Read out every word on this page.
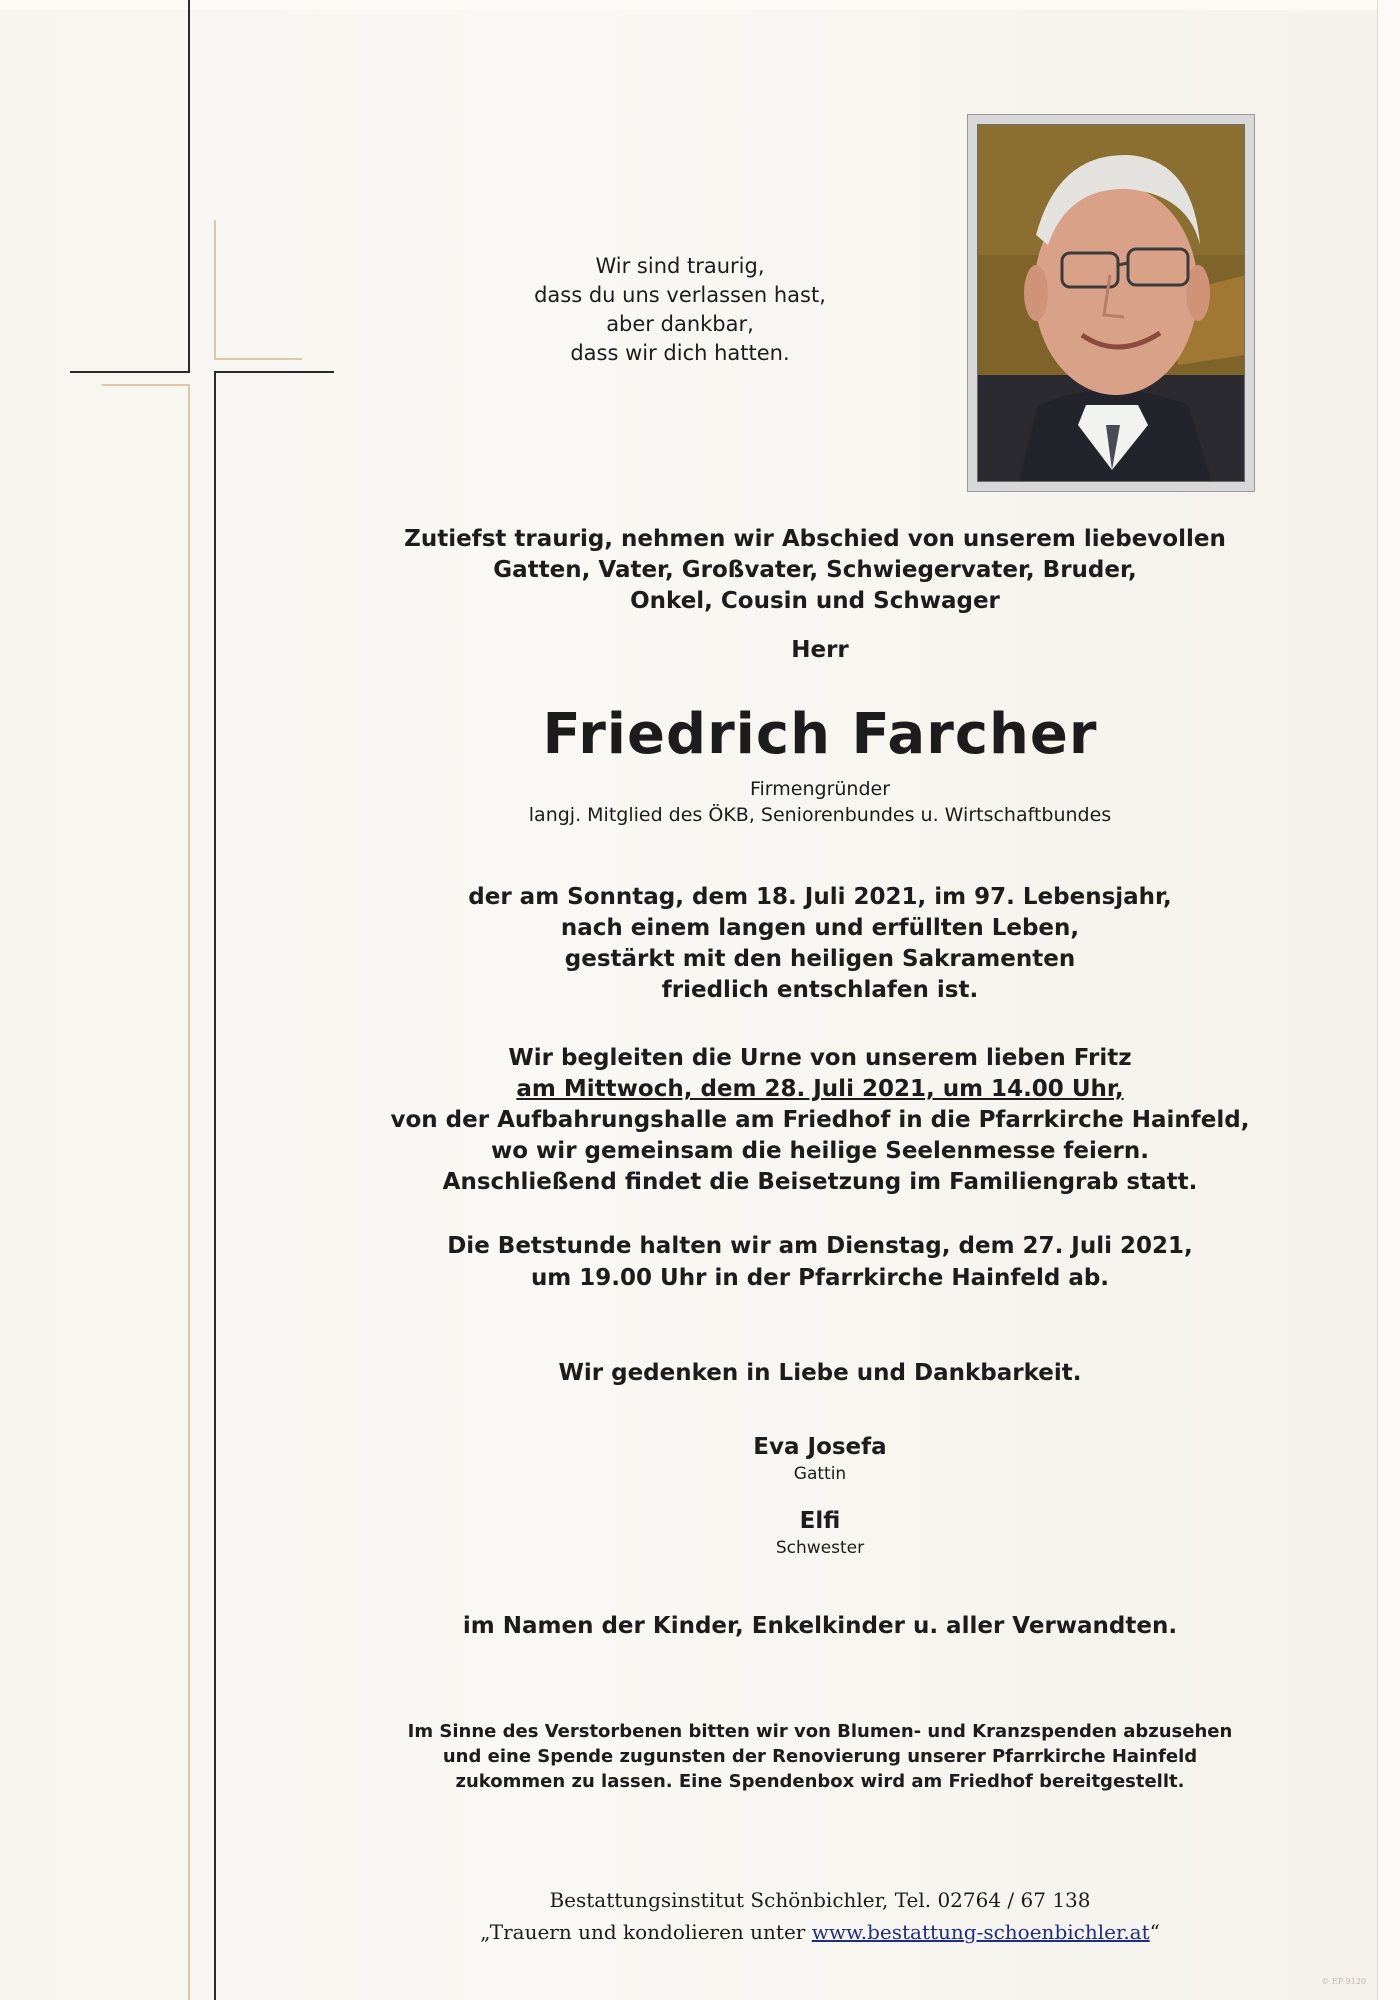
Wir sind traurig,
dass du uns verlassen hast,
aber dankbar,
dass wir dich hatten.
Zutiefst traurig, nehmen wir Abschied von unserem liebevollen
Gatten, Vater, Großvater, Schwiegervater, Bruder,
Onkel, Cousin und Schwager
Herr
Friedrich Farcher
Firmengründer
langj. Mitglied des ÖKB, Seniorenbundes u. Wirtschaftbundes
der am Sonntag, dem 18. Juli 2021, im 97. Lebensjahr,
nach einem langen und erfüllten Leben,
gestärkt mit den heiligen Sakramenten
friedlich entschlafen ist.
Wir begleiten die Urne von unserem lieben Fritz
am Mittwoch, dem 28. Juli 2021, um 14.00 Uhr,
von der Aufbahrungshalle am Friedhof in die Pfarrkirche Hainfeld,
wo wir gemeinsam die heilige Seelenmesse feiern.
Anschließend findet die Beisetzung im Familiengrab statt.
Die Betstunde halten wir am Dienstag, dem 27. Juli 2021,
um 19.00 Uhr in der Pfarrkirche Hainfeld ab.
Wir gedenken in Liebe und Dankbarkeit.
Eva Josefa
Gattin
Elfi
Schwester
im Namen der Kinder, Enkelkinder u. aller Verwandten.
Im Sinne des Verstorbenen bitten wir von Blumen- und Kranzspenden abzusehen
und eine Spende zugunsten der Renovierung unserer Pfarrkirche Hainfeld
zukommen zu lassen. Eine Spendenbox wird am Friedhof bereitgestellt.
Bestattungsinstitut Schönbichler, Tel. 02764 / 67 138
„Trauern und kondolieren unter www.bestattung-schoenbichler.at“
© EP 9120
